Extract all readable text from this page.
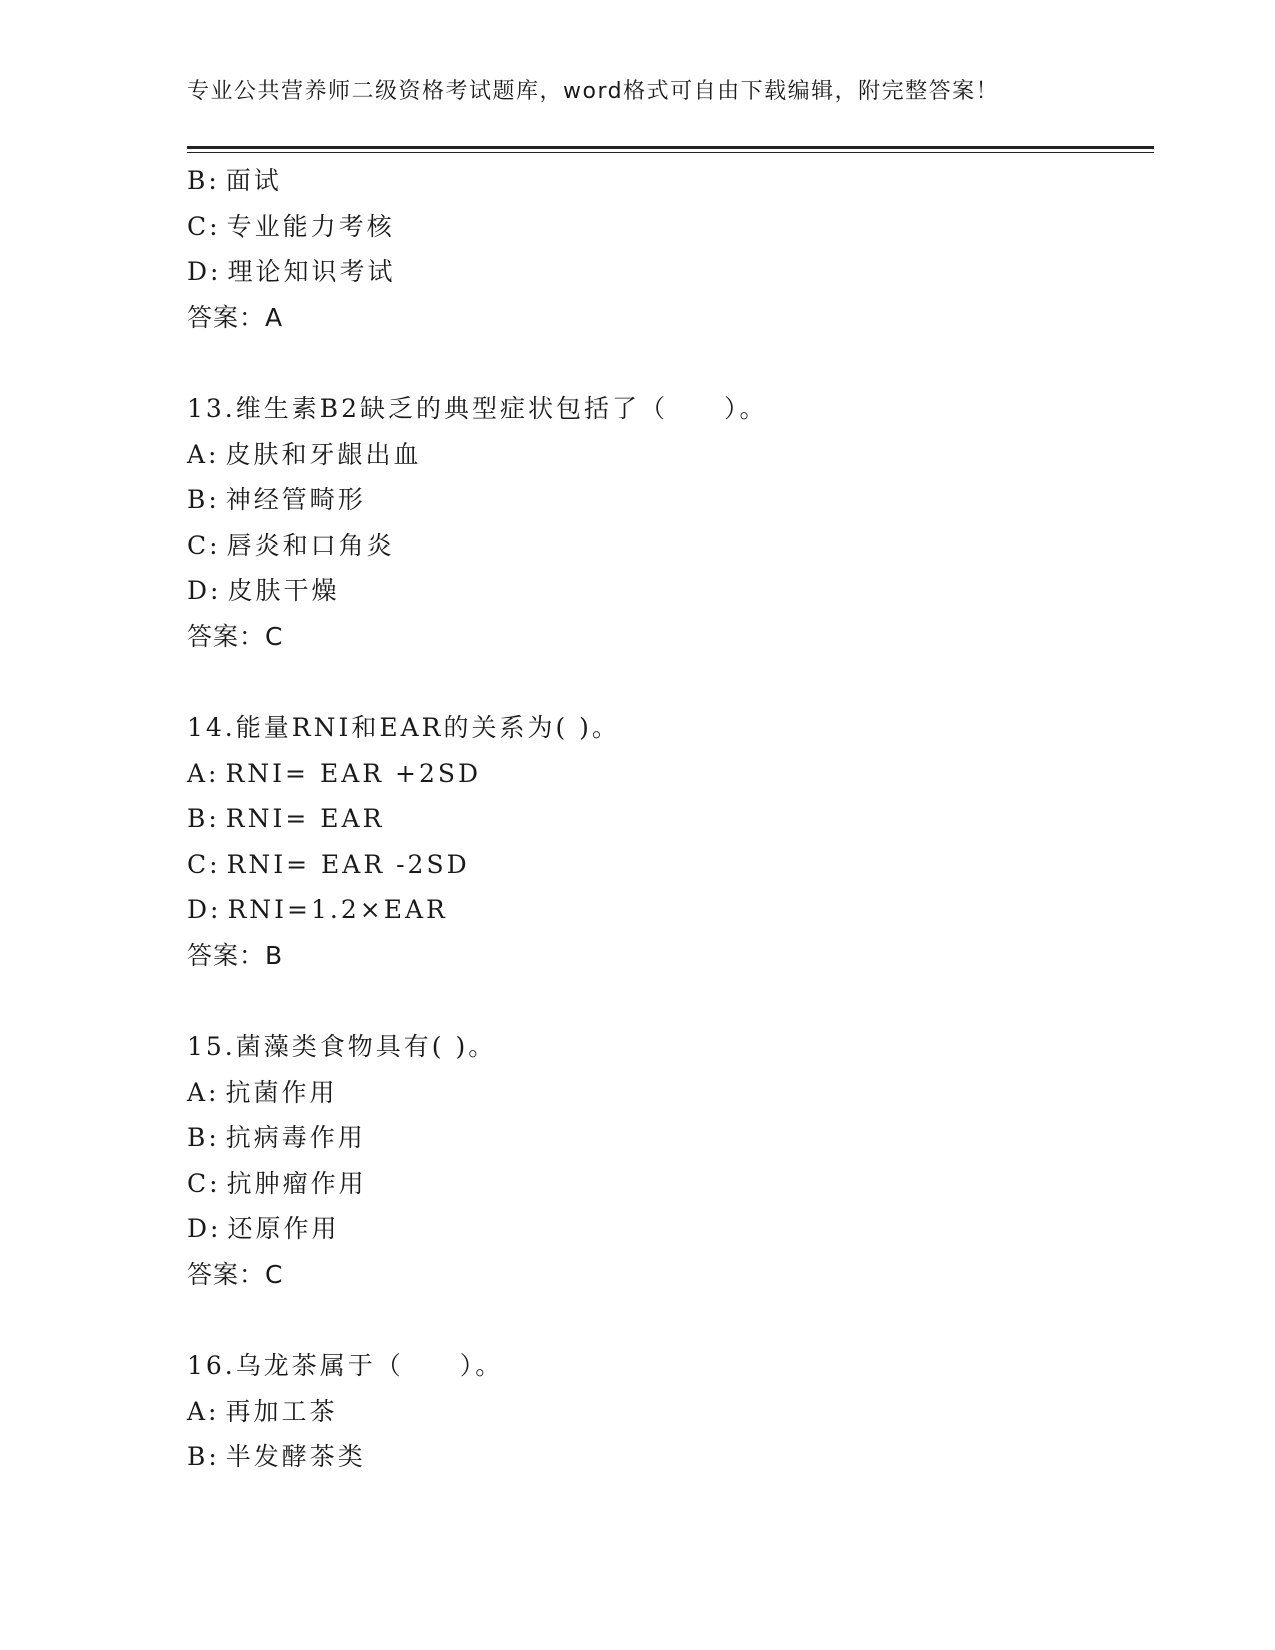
专业公共营养师二级资格考试题库，word格式可自由下载编辑，附完整答案！
B: 面试
C: 专业能力考核
D: 理论知识考试
答案：A
13.维生素B2缺乏的典型症状包括了（　　）。
A: 皮肤和牙龈出血
B: 神经管畸形
C: 唇炎和口角炎
D: 皮肤干燥
答案：C
14.能量RNI和EAR的关系为( )。
A: RNI= EAR +2SD
B: RNI= EAR
C: RNI= EAR -2SD
D: RNI=1.2×EAR
答案：B
15.菌藻类食物具有( )。
A: 抗菌作用
B: 抗病毒作用
C: 抗肿瘤作用
D: 还原作用
答案：C
16.乌龙茶属于（　　）。
A: 再加工茶
B: 半发酵茶类
